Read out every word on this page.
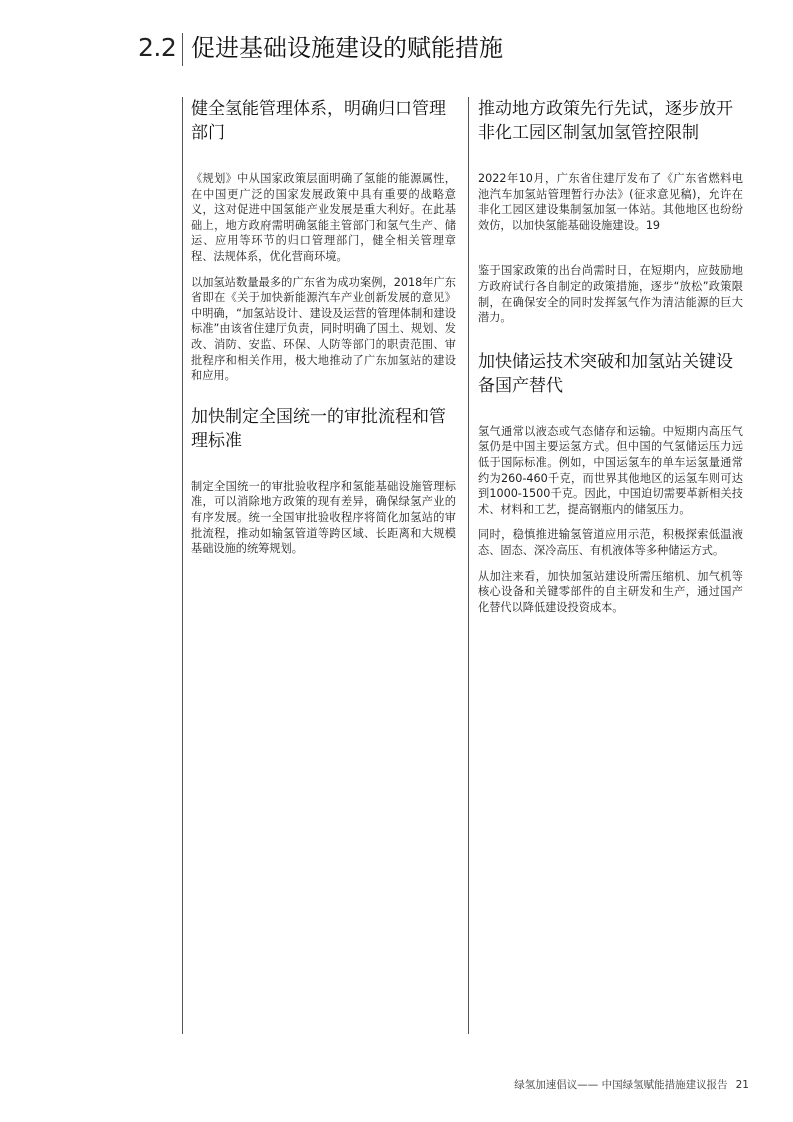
2.2 促进基础设施建设的赋能措施
健全氢能管理体系，明确归口管理部门

《规划》中从国家政策层面明确了氢能的能源属性，在中国更广泛的国家发展政策中具有重要的战略意义，这对促进中国氢能产业发展是重大利好。在此基础上，地方政府需明确氢能主管部门和氢气生产、储运、应用等环节的归口管理部门，健全相关管理章程、法规体系，优化营商环境。

以加氢站数量最多的广东省为成功案例，2018年广东省即在《关于加快新能源汽车产业创新发展的意见》中明确，“加氢站设计、建设及运营的管理体制和建设标准”由该省住建厅负责，同时明确了国土、规划、发改、消防、安监、环保、人防等部门的职责范围、审批程序和相关作用，极大地推动了广东加氢站的建设和应用。

加快制定全国统一的审批流程和管理标准

制定全国统一的审批验收程序和氢能基础设施管理标准，可以消除地方政策的现有差异，确保绿氢产业的有序发展。统一全国审批验收程序将简化加氢站的审批流程，推动如输氢管道等跨区域、长距离和大规模基础设施的统筹规划。

推动地方政策先行先试，逐步放开非化工园区制氢加氢管控限制

2022年10月，广东省住建厅发布了《广东省燃料电池汽车加氢站管理暂行办法》(征求意见稿)，允许在非化工园区建设集制氢加氢一体站。其他地区也纷纷效仿，以加快氢能基础设施建设。19

鉴于国家政策的出台尚需时日，在短期内，应鼓励地方政府试行各自制定的政策措施，逐步“放松”政策限制，在确保安全的同时发挥氢气作为清洁能源的巨大潜力。

加快储运技术突破和加氢站关键设备国产替代

氢气通常以液态或气态储存和运输。中短期内高压气氢仍是中国主要运氢方式。但中国的气氢储运压力远低于国际标准。例如，中国运氢车的单车运氢量通常约为260-460千克，而世界其他地区的运氢车则可达到1000-1500千克。因此，中国迫切需要革新相关技术、材料和工艺，提高钢瓶内的储氢压力。

同时，稳慎推进输氢管道应用示范，积极探索低温液态、固态、深冷高压、有机液体等多种储运方式。

从加注来看，加快加氢站建设所需压缩机、加气机等核心设备和关键零部件的自主研发和生产，通过国产化替代以降低建设投资成本。

绿氢加速倡议—— 中国绿氢赋能措施建议报告 21
